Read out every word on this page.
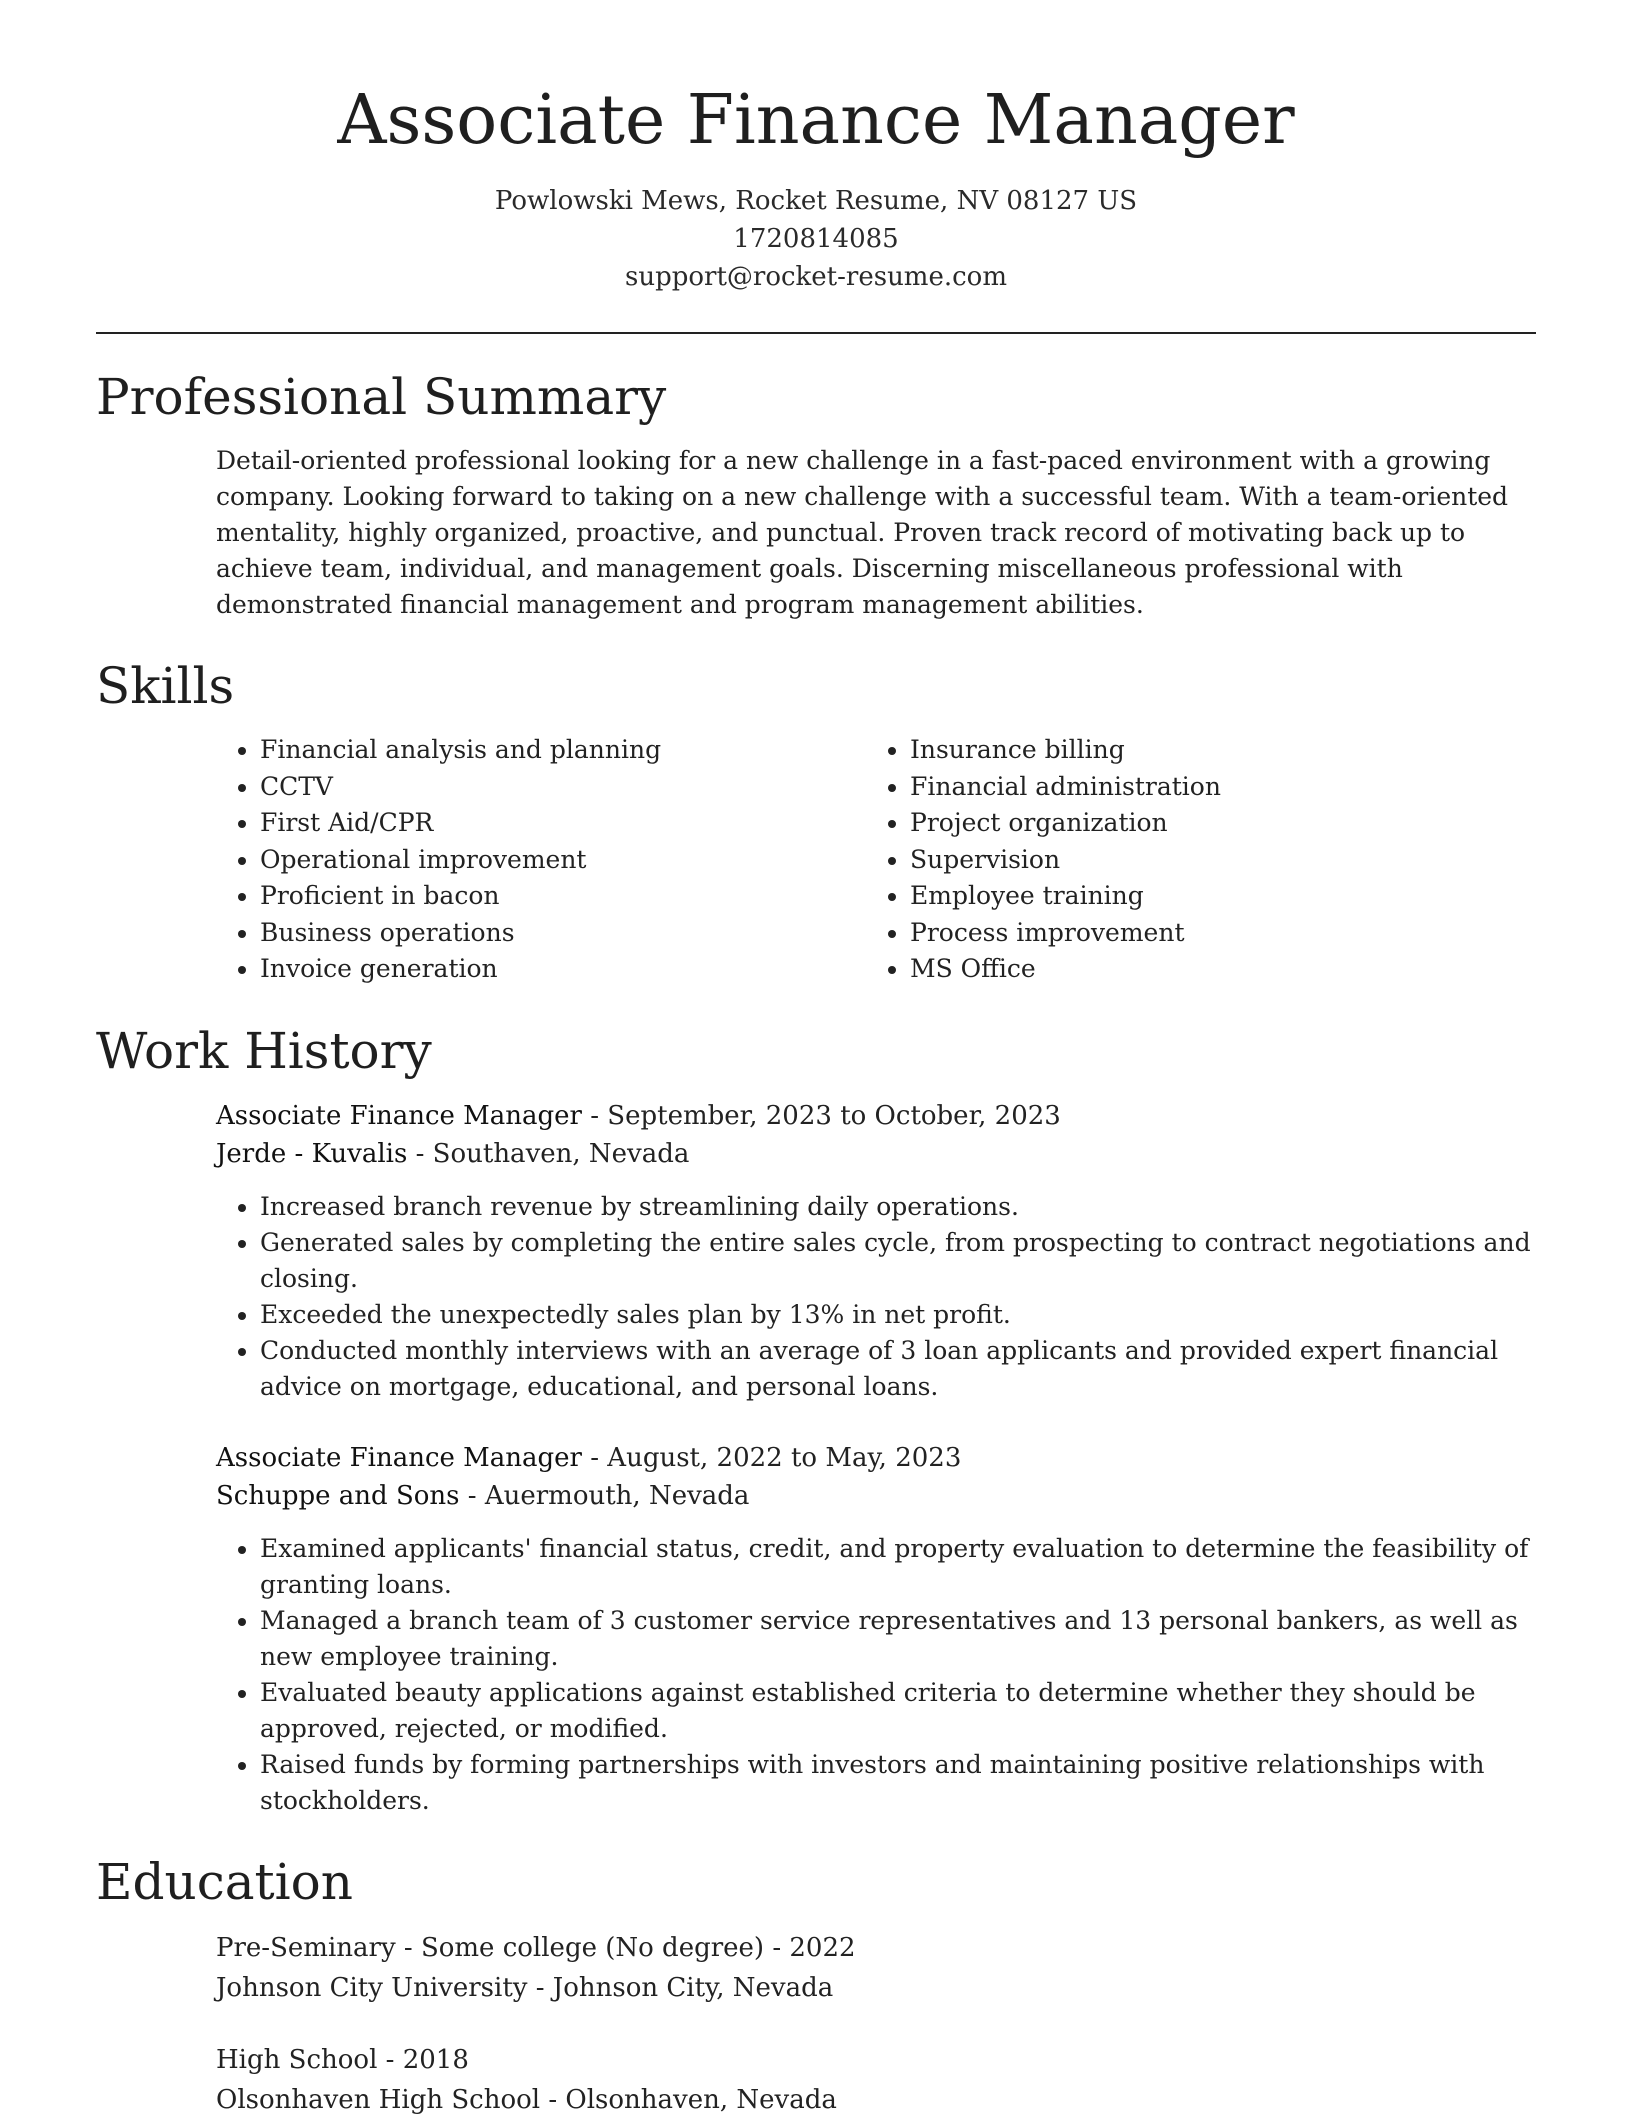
Associate Finance Manager
Powlowski Mews, Rocket Resume, NV 08127 US
1720814085
support@rocket-resume.com
Professional Summary

Detail-oriented professional looking for a new challenge in a fast-paced environment with a growing company. Looking forward to taking on a new challenge with a successful team. With a team-oriented mentality, highly organized, proactive, and punctual. Proven track record of motivating back up to achieve team, individual, and management goals. Discerning miscellaneous professional with demonstrated financial management and program management abilities.

Skills
• Financial analysis and planning
• CCTV
• First Aid/CPR
• Operational improvement
• Proficient in bacon
• Business operations
• Invoice generation
• Insurance billing
• Financial administration
• Project organization
• Supervision
• Employee training
• Process improvement
• MS Office
Work History
Associate Finance Manager - September, 2023 to October, 2023
Jerde - Kuvalis - Southaven, Nevada
• Increased branch revenue by streamlining daily operations.
• Generated sales by completing the entire sales cycle, from prospecting to contract negotiations and closing.
• Exceeded the unexpectedly sales plan by 13% in net profit.
• Conducted monthly interviews with an average of 3 loan applicants and provided expert financial advice on mortgage, educational, and personal loans.
Associate Finance Manager - August, 2022 to May, 2023
Schuppe and Sons - Auermouth, Nevada
• Examined applicants' financial status, credit, and property evaluation to determine the feasibility of granting loans.
• Managed a branch team of 3 customer service representatives and 13 personal bankers, as well as new employee training.
• Evaluated beauty applications against established criteria to determine whether they should be approved, rejected, or modified.
• Raised funds by forming partnerships with investors and maintaining positive relationships with stockholders.
Education
Pre-Seminary - Some college (No degree) - 2022
Johnson City University - Johnson City, Nevada
High School - 2018
Olsonhaven High School - Olsonhaven, Nevada
